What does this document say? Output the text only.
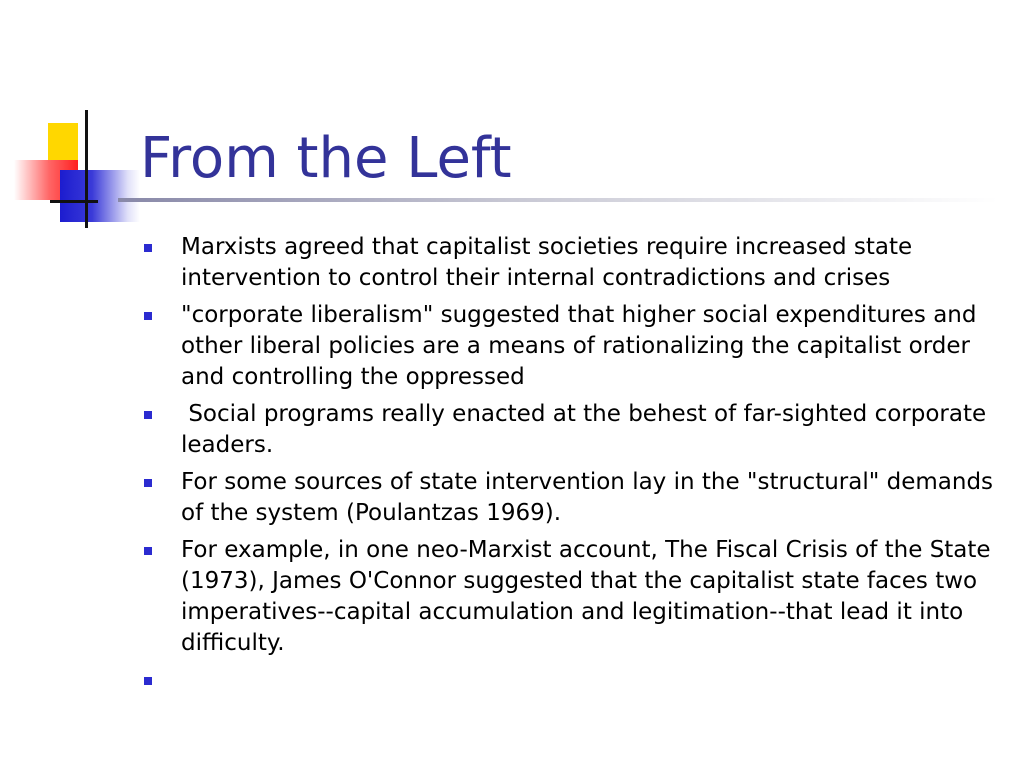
From the Left
Marxists agreed that capitalist societies require increased state intervention to control their internal contradictions and crises
"corporate liberalism" suggested that higher social expenditures and other liberal policies are a means of rationalizing the capitalist order and controlling the oppressed
Social programs really enacted at the behest of far-sighted corporate leaders.
For some sources of state intervention lay in the "structural" demands of the system (Poulantzas 1969).
For example, in one neo-Marxist account, The Fiscal Crisis of the State (1973), James O'Connor suggested that the capitalist state faces two imperatives--capital accumulation and legitimation--that lead it into difficulty.
